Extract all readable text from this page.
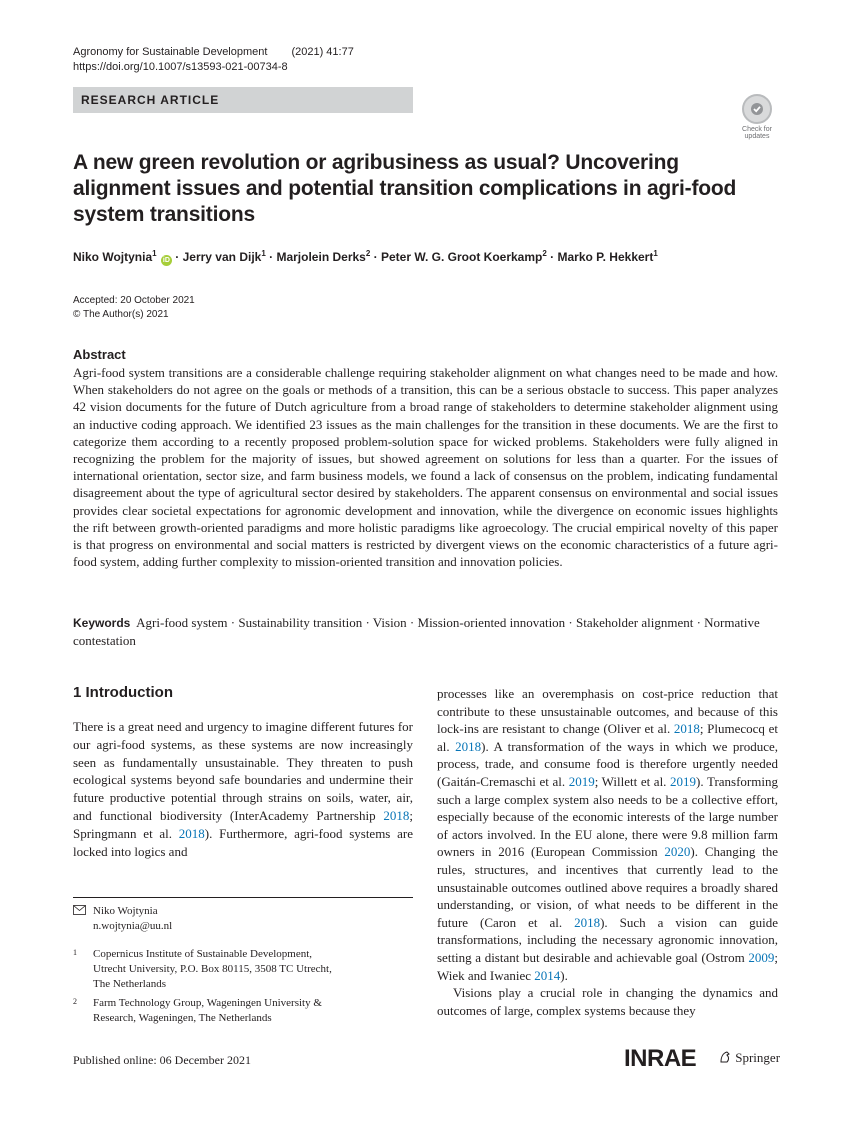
Agronomy for Sustainable Development (2021) 41:77
https://doi.org/10.1007/s13593-021-00734-8
RESEARCH ARTICLE
Check for updates
A new green revolution or agribusiness as usual? Uncovering alignment issues and potential transition complications in agri-food system transitions
Niko Wojtynia$^1$ iD · Jerry van Dijk$^1$ · Marjolein Derks$^2$ · Peter W. G. Groot Koerkamp$^2$ · Marko P. Hekkert$^1$
Accepted: 20 October 2021
© The Author(s) 2021
Abstract

Agri-food system transitions are a considerable challenge requiring stakeholder alignment on what changes need to be made and how. When stakeholders do not agree on the goals or methods of a transition, this can be a serious obstacle to success. This paper analyzes 42 vision documents for the future of Dutch agriculture from a broad range of stakeholders to determine stakeholder alignment using an inductive coding approach. We identified 23 issues as the main challenges for the transition in these documents. We are the first to categorize them according to a recently proposed problem-solution space for wicked problems. Stakeholders were fully aligned in recognizing the problem for the majority of issues, but showed agreement on solutions for less than a quarter. For the issues of international orientation, sector size, and farm business models, we found a lack of consensus on the problem, indicating fundamental disagreement about the type of agricultural sector desired by stakeholders. The apparent consensus on environmental and social issues provides clear societal expectations for agronomic development and innovation, while the divergence on economic issues highlights the rift between growth-oriented paradigms and more holistic paradigms like agroecology. The crucial empirical novelty of this paper is that progress on environmental and social matters is restricted by divergent views on the economic characteristics of a future agri-food system, adding further complexity to mission-oriented transition and innovation policies.

Keywords Agri-food system · Sustainability transition · Vision · Mission-oriented innovation · Stakeholder alignment · Normative contestation
1 Introduction

There is a great need and urgency to imagine different futures for our agri-food systems, as these systems are now increasingly seen as fundamentally unsustainable. They threaten to push ecological systems beyond safe boundaries and undermine their future productive potential through strains on soils, water, air, and functional biodiversity (InterAcademy Partnership 2018; Springmann et al. 2018). Furthermore, agri-food systems are locked into logics and

processes like an overemphasis on cost-price reduction that contribute to these unsustainable outcomes, and because of this lock-ins are resistant to change (Oliver et al. 2018; Plumecocq et al. 2018). A transformation of the ways in which we produce, process, trade, and consume food is therefore urgently needed (Gaitán-Cremaschi et al. 2019; Willett et al. 2019). Transforming such a large complex system also needs to be a collective effort, especially because of the economic interests of the large number of actors involved. In the EU alone, there were 9.8 million farm owners in 2016 (European Commission 2020). Changing the rules, structures, and incentives that currently lead to the unsustainable outcomes outlined above requires a broadly shared understanding, or vision, of what needs to be different in the future (Caron et al. 2018). Such a vision can guide transformations, including the necessary agronomic innovation, setting a distant but desirable and achievable goal (Ostrom 2009; Wiek and Iwaniec 2014).

Visions play a crucial role in changing the dynamics and outcomes of large, complex systems because they

Niko Wojtynia
n.wojtynia@uu.nl
1 Copernicus Institute of Sustainable Development,
Utrecht University, P.O. Box 80115, 3508 TC Utrecht,
The Netherlands
2 Farm Technology Group, Wageningen University &
Research, Wageningen, The Netherlands
Published online: 06 December 2021	INRAE	Springer
